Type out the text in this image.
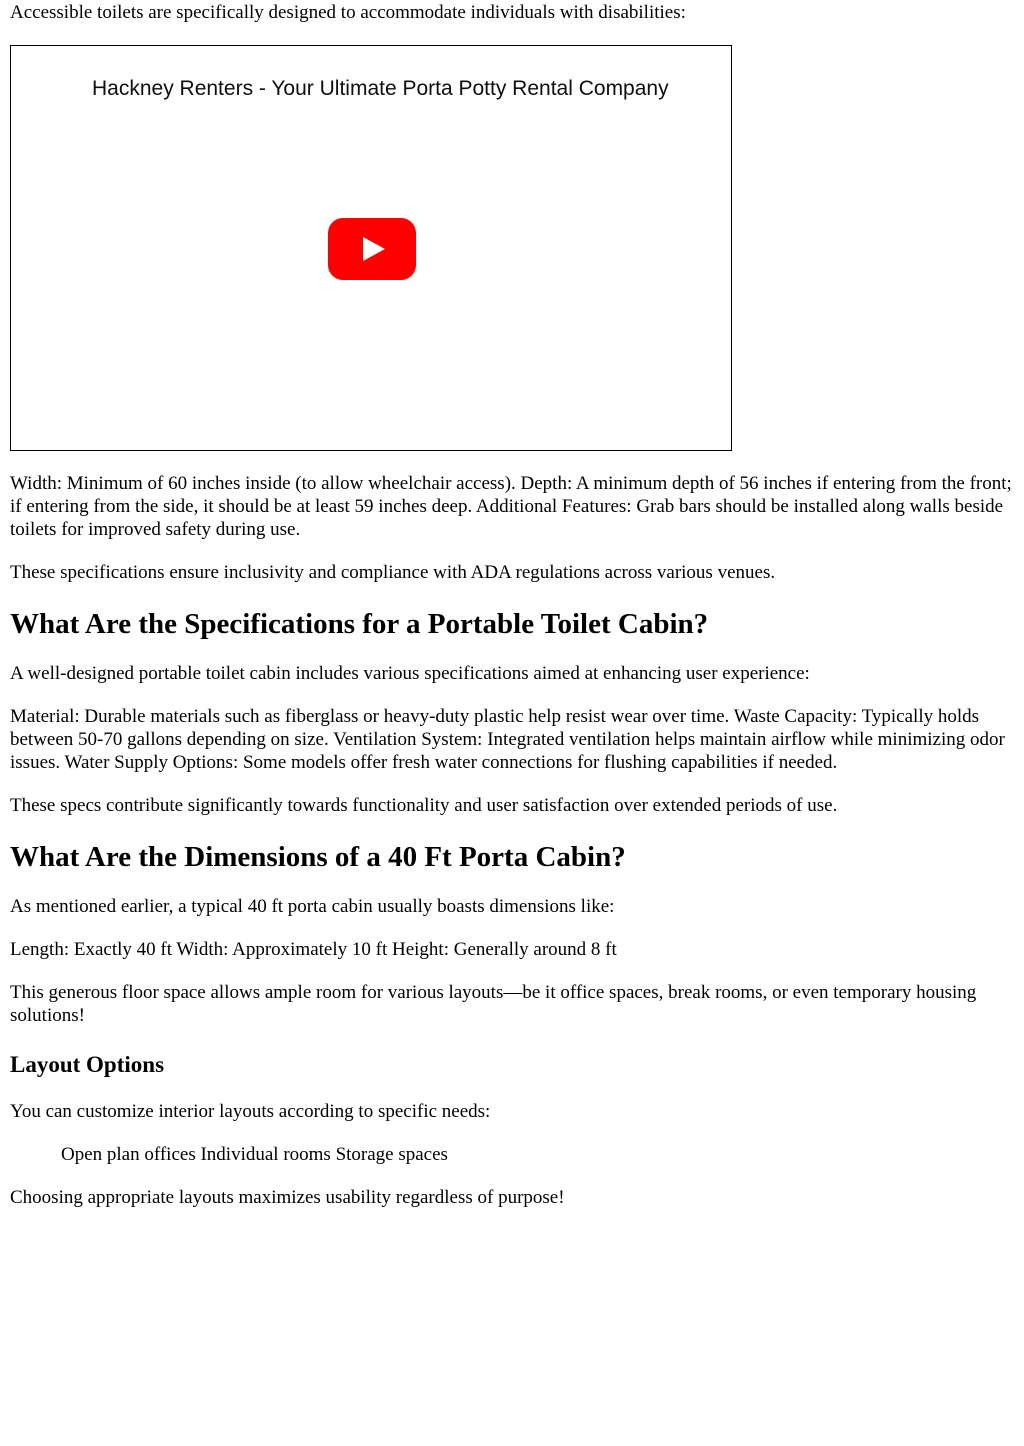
Accessible toilets are specifically designed to accommodate individuals with disabilities:

Hackney Renters - Your Ultimate Porta Potty Rental Company

Width: Minimum of 60 inches inside (to allow wheelchair access). Depth: A minimum depth of 56 inches if entering from the front; if entering from the side, it should be at least 59 inches deep. Additional Features: Grab bars should be installed along walls beside toilets for improved safety during use.

These specifications ensure inclusivity and compliance with ADA regulations across various venues.

What Are the Specifications for a Portable Toilet Cabin?

A well-designed portable toilet cabin includes various specifications aimed at enhancing user experience:

Material: Durable materials such as fiberglass or heavy-duty plastic help resist wear over time. Waste Capacity: Typically holds between 50-70 gallons depending on size. Ventilation System: Integrated ventilation helps maintain airflow while minimizing odor issues. Water Supply Options: Some models offer fresh water connections for flushing capabilities if needed.

These specs contribute significantly towards functionality and user satisfaction over extended periods of use.

What Are the Dimensions of a 40 Ft Porta Cabin?

As mentioned earlier, a typical 40 ft porta cabin usually boasts dimensions like:

Length: Exactly 40 ft Width: Approximately 10 ft Height: Generally around 8 ft

This generous floor space allows ample room for various layouts—be it office spaces, break rooms, or even temporary housing solutions!

Layout Options

You can customize interior layouts according to specific needs:

Open plan offices Individual rooms Storage spaces

Choosing appropriate layouts maximizes usability regardless of purpose!
